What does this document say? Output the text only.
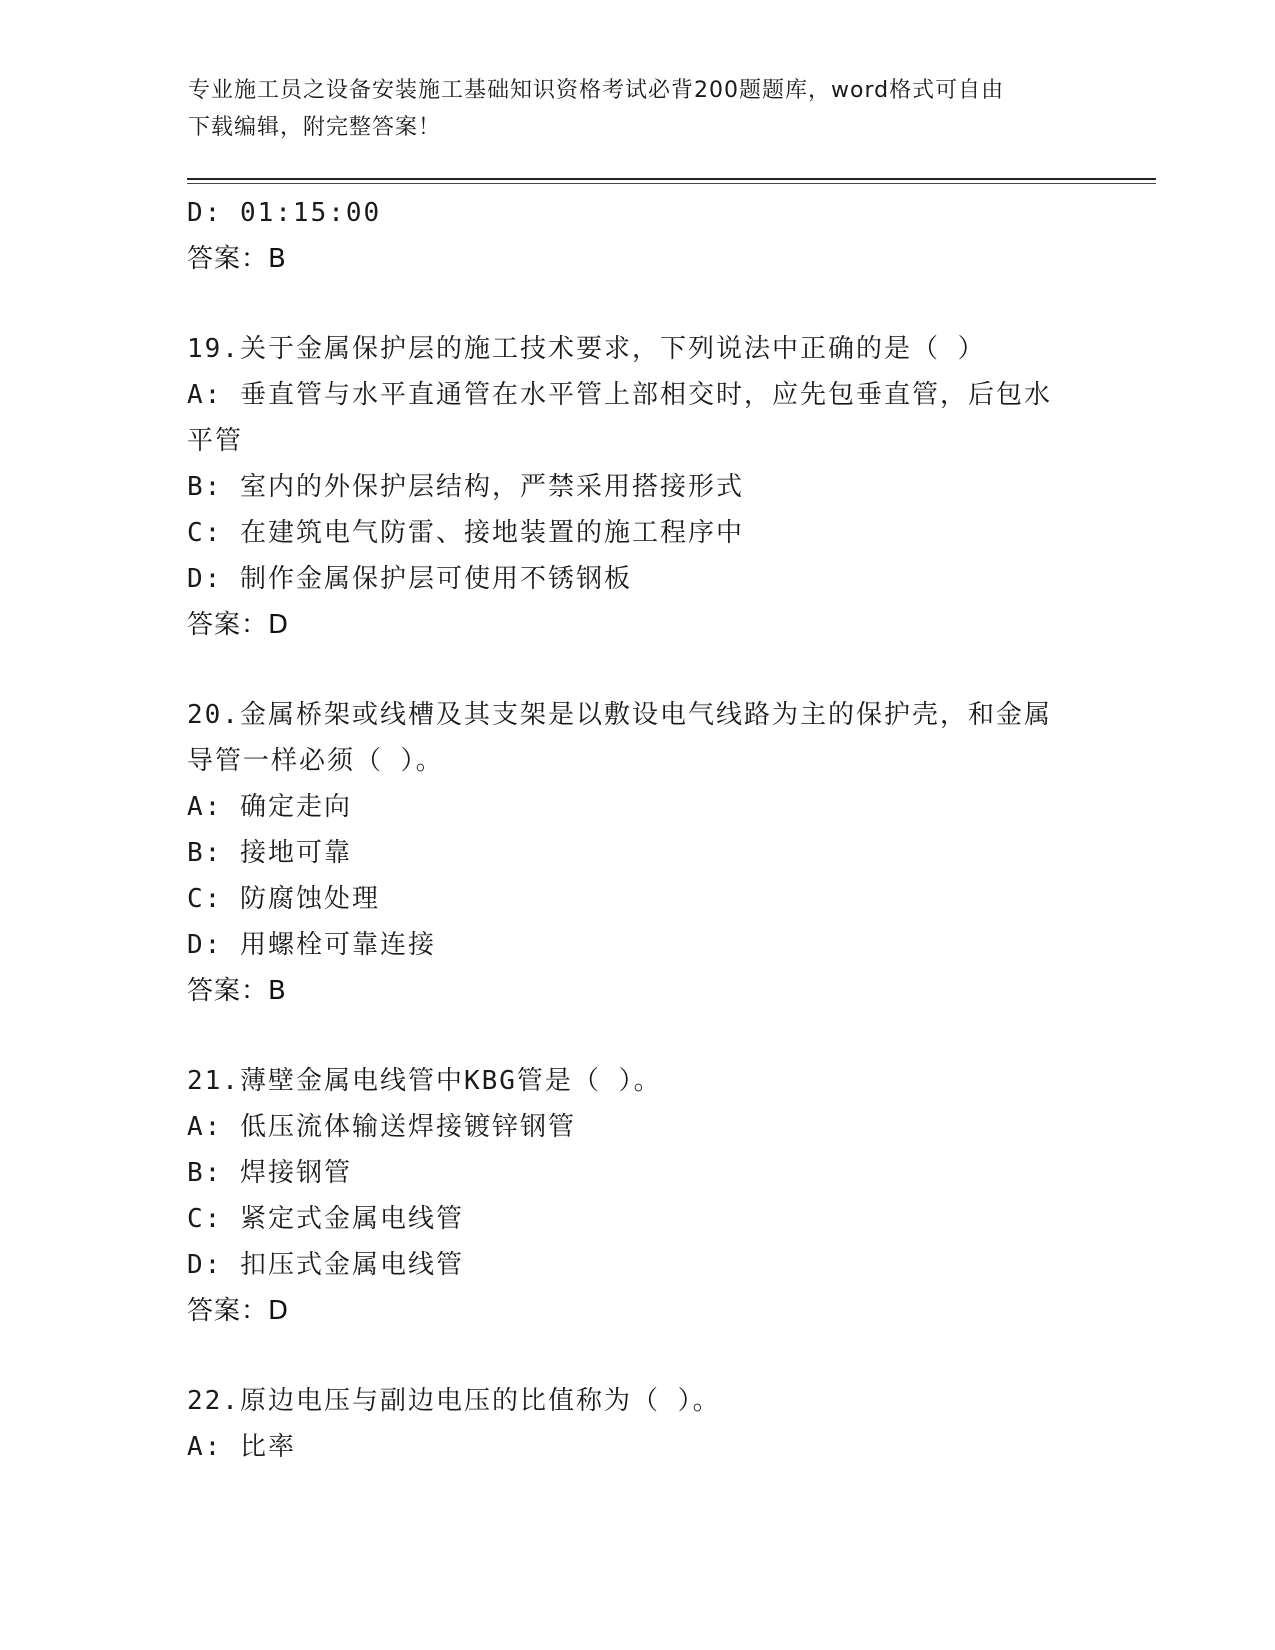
专业施工员之设备安装施工基础知识资格考试必背200题题库，word格式可自由
下载编辑，附完整答案！
D: 01:15:00
答案：B
19.关于金属保护层的施工技术要求，下列说法中正确的是（ ）
A: 垂直管与水平直通管在水平管上部相交时，应先包垂直管，后包水
平管
B: 室内的外保护层结构，严禁采用搭接形式
C: 在建筑电气防雷、接地装置的施工程序中
D: 制作金属保护层可使用不锈钢板
答案：D
20.金属桥架或线槽及其支架是以敷设电气线路为主的保护壳，和金属
导管一样必须（ ）。
A: 确定走向
B: 接地可靠
C: 防腐蚀处理
D: 用螺栓可靠连接
答案：B
21.薄壁金属电线管中KBG管是（ ）。
A: 低压流体输送焊接镀锌钢管
B: 焊接钢管
C: 紧定式金属电线管
D: 扣压式金属电线管
答案：D
22.原边电压与副边电压的比值称为（ ）。
A: 比率
